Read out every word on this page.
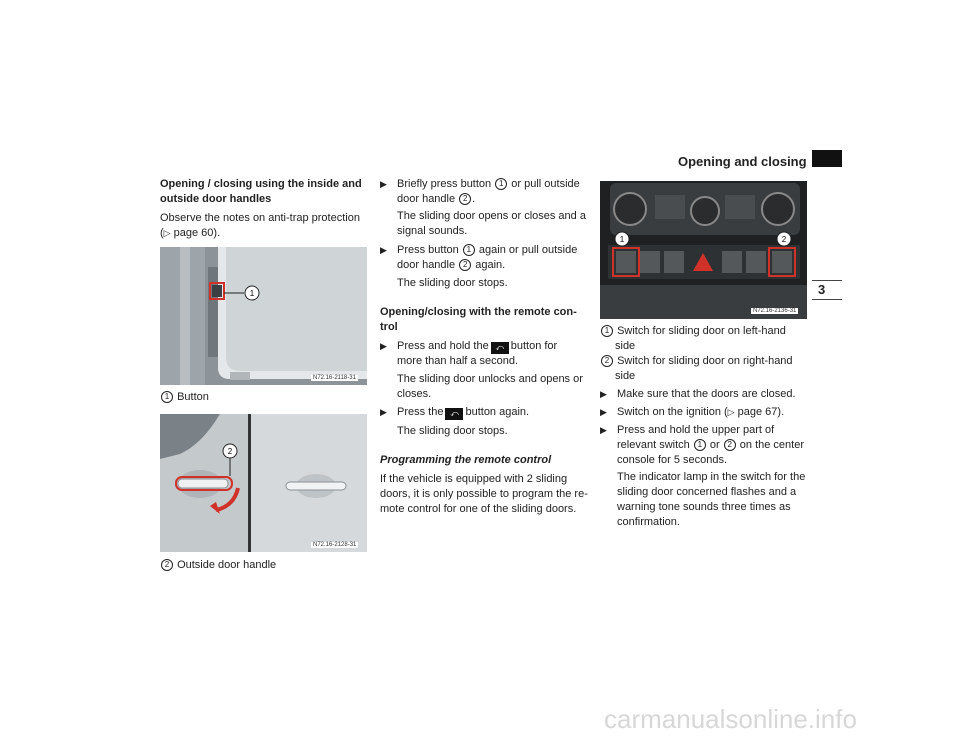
Opening and closing
3
Opening / closing using the inside and
outside door handles
Observe the notes on anti-trap protection
(▷ page 60).
1
N72.16-2118-31
1 Button
2
N72.16-2128-31
2 Outside door handle
▶ Briefly press button 1 or pull outside
door handle 2 .
The sliding door opens or closes and a
signal sounds.
▶ Press button 1 again or pull outside
door handle 2 again.
The sliding door stops.
Opening/closing with the remote con-
trol
▶ Press and hold the ⤺ button for
more than half a second.
The sliding door unlocks and opens or
closes.
▶ Press the ⤺ button again.
The sliding door stops.
Programming the remote control
If the vehicle is equipped with 2 sliding
doors, it is only possible to program the re-
mote control for one of the sliding doors.
1	2
N72.16-2136-31
1 Switch for sliding door on left-hand
side
2 Switch for sliding door on right-hand
side
▶ Make sure that the doors are closed.
▶ Switch on the ignition (▷ page 67).
▶ Press and hold the upper part of
relevant switch 1 or 2 on the center
console for 5 seconds.
The indicator lamp in the switch for the
sliding door concerned flashes and a
warning tone sounds three times as
confirmation.
carmanualsonline.info
